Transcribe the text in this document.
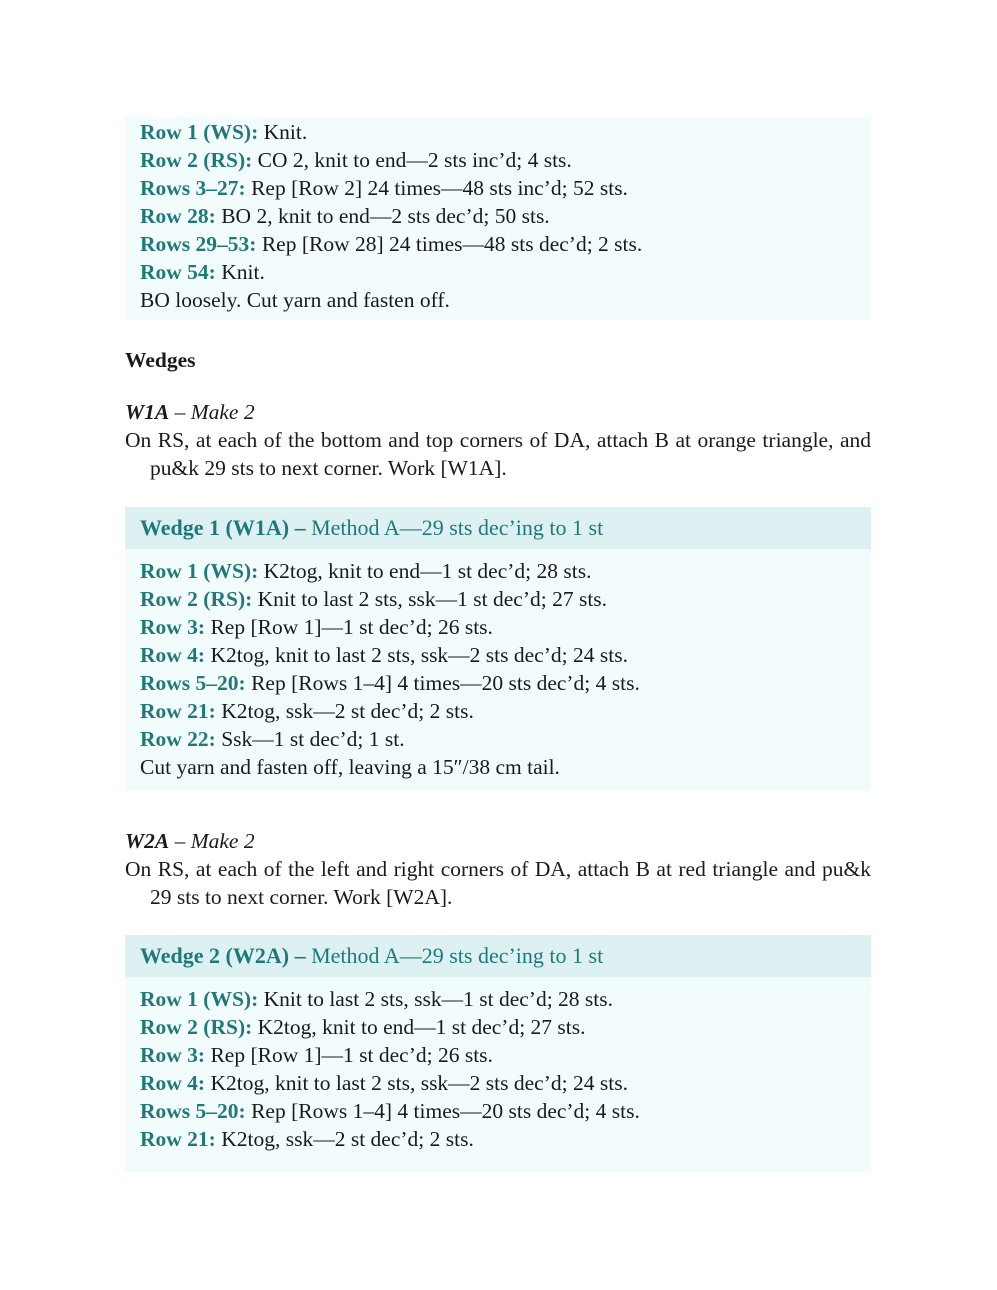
Row 1 (WS): Knit.
Row 2 (RS): CO 2, knit to end—2 sts inc’d; 4 sts.
Rows 3–27: Rep [Row 2] 24 times—48 sts inc’d; 52 sts.
Row 28: BO 2, knit to end—2 sts dec’d; 50 sts.
Rows 29–53: Rep [Row 28] 24 times—48 sts dec’d; 2 sts.
Row 54: Knit.
BO loosely. Cut yarn and fasten off.
Wedges
W1A – Make 2
On RS, at each of the bottom and top corners of DA, attach B at orange triangle, and pu&k 29 sts to next corner. Work [W1A].
Wedge 1 (W1A) – Method A—29 sts dec’ing to 1 st
Row 1 (WS): K2tog, knit to end—1 st dec’d; 28 sts.
Row 2 (RS): Knit to last 2 sts, ssk—1 st dec’d; 27 sts.
Row 3: Rep [Row 1]—1 st dec’d; 26 sts.
Row 4: K2tog, knit to last 2 sts, ssk—2 sts dec’d; 24 sts.
Rows 5–20: Rep [Rows 1–4] 4 times—20 sts dec’d; 4 sts.
Row 21: K2tog, ssk—2 st dec’d; 2 sts.
Row 22: Ssk—1 st dec’d; 1 st.
Cut yarn and fasten off, leaving a 15″/38 cm tail.
W2A – Make 2
On RS, at each of the left and right corners of DA, attach B at red triangle and pu&k 29 sts to next corner. Work [W2A].
Wedge 2 (W2A) – Method A—29 sts dec’ing to 1 st
Row 1 (WS): Knit to last 2 sts, ssk—1 st dec’d; 28 sts.
Row 2 (RS): K2tog, knit to end—1 st dec’d; 27 sts.
Row 3: Rep [Row 1]—1 st dec’d; 26 sts.
Row 4: K2tog, knit to last 2 sts, ssk—2 sts dec’d; 24 sts.
Rows 5–20: Rep [Rows 1–4] 4 times—20 sts dec’d; 4 sts.
Row 21: K2tog, ssk—2 st dec’d; 2 sts.
